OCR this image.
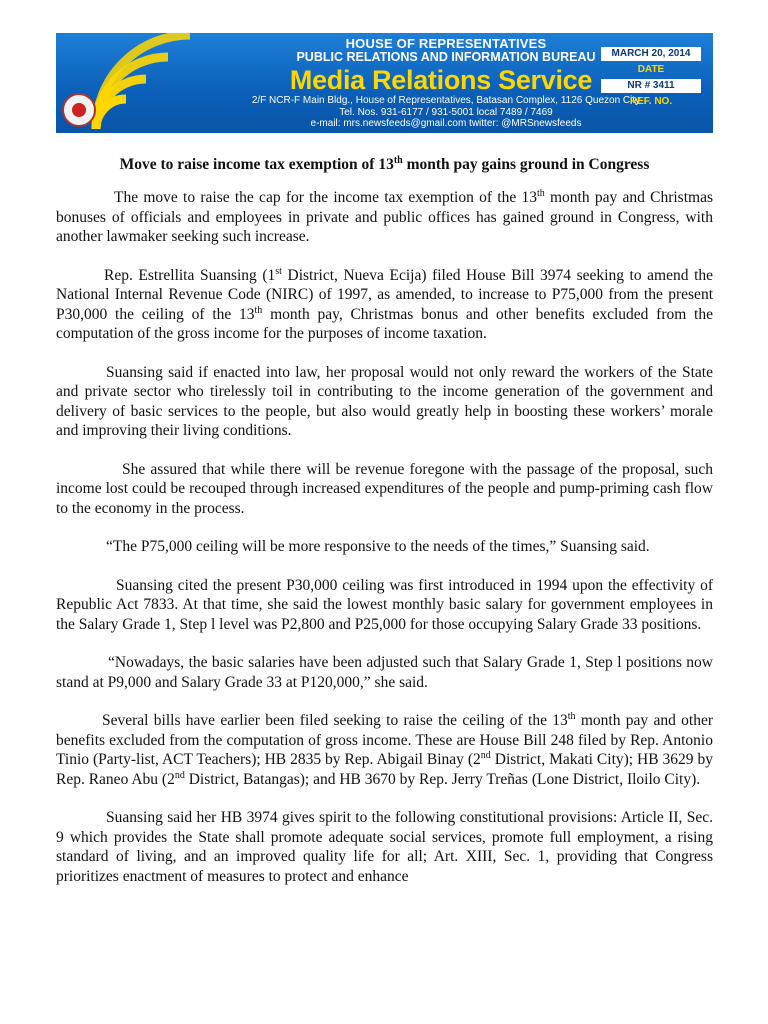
HOUSE OF REPRESENTATIVES
PUBLIC RELATIONS AND INFORMATION BUREAU
Media Relations Service
2/F NCR-F Main Bldg., House of Representatives, Batasan Complex, 1126 Quezon City
Tel. Nos. 931-6177 / 931-5001 local 7489 / 7469
e-mail: mrs.newsfeeds@gmail.com twitter: @MRSnewsfeeds
MARCH 20, 2014
DATE
NR # 3411
REF. NO.
Move to raise income tax exemption of 13th month pay gains ground in Congress

The move to raise the cap for the income tax exemption of the 13th month pay and Christmas bonuses of officials and employees in private and public offices has gained ground in Congress, with another lawmaker seeking such increase.

Rep. Estrellita Suansing (1st District, Nueva Ecija) filed House Bill 3974 seeking to amend the National Internal Revenue Code (NIRC) of 1997, as amended, to increase to P75,000 from the present P30,000 the ceiling of the 13th month pay, Christmas bonus and other benefits excluded from the computation of the gross income for the purposes of income taxation.

Suansing said if enacted into law, her proposal would not only reward the workers of the State and private sector who tirelessly toil in contributing to the income generation of the government and delivery of basic services to the people, but also would greatly help in boosting these workers’ morale and improving their living conditions.

She assured that while there will be revenue foregone with the passage of the proposal, such income lost could be recouped through increased expenditures of the people and pump-priming cash flow to the economy in the process.

“The P75,000 ceiling will be more responsive to the needs of the times,” Suansing said.

Suansing cited the present P30,000 ceiling was first introduced in 1994 upon the effectivity of Republic Act 7833. At that time, she said the lowest monthly basic salary for government employees in the Salary Grade 1, Step l level was P2,800 and P25,000 for those occupying Salary Grade 33 positions.

“Nowadays, the basic salaries have been adjusted such that Salary Grade 1, Step l positions now stand at P9,000 and Salary Grade 33 at P120,000,” she said.

Several bills have earlier been filed seeking to raise the ceiling of the 13th month pay and other benefits excluded from the computation of gross income. These are House Bill 248 filed by Rep. Antonio Tinio (Party-list, ACT Teachers); HB 2835 by Rep. Abigail Binay (2nd District, Makati City); HB 3629 by Rep. Raneo Abu (2nd District, Batangas); and HB 3670 by Rep. Jerry Treñas (Lone District, Iloilo City).

Suansing said her HB 3974 gives spirit to the following constitutional provisions: Article II, Sec. 9 which provides the State shall promote adequate social services, promote full employment, a rising standard of living, and an improved quality life for all; Art. XIII, Sec. 1, providing that Congress prioritizes enactment of measures to protect and enhance
